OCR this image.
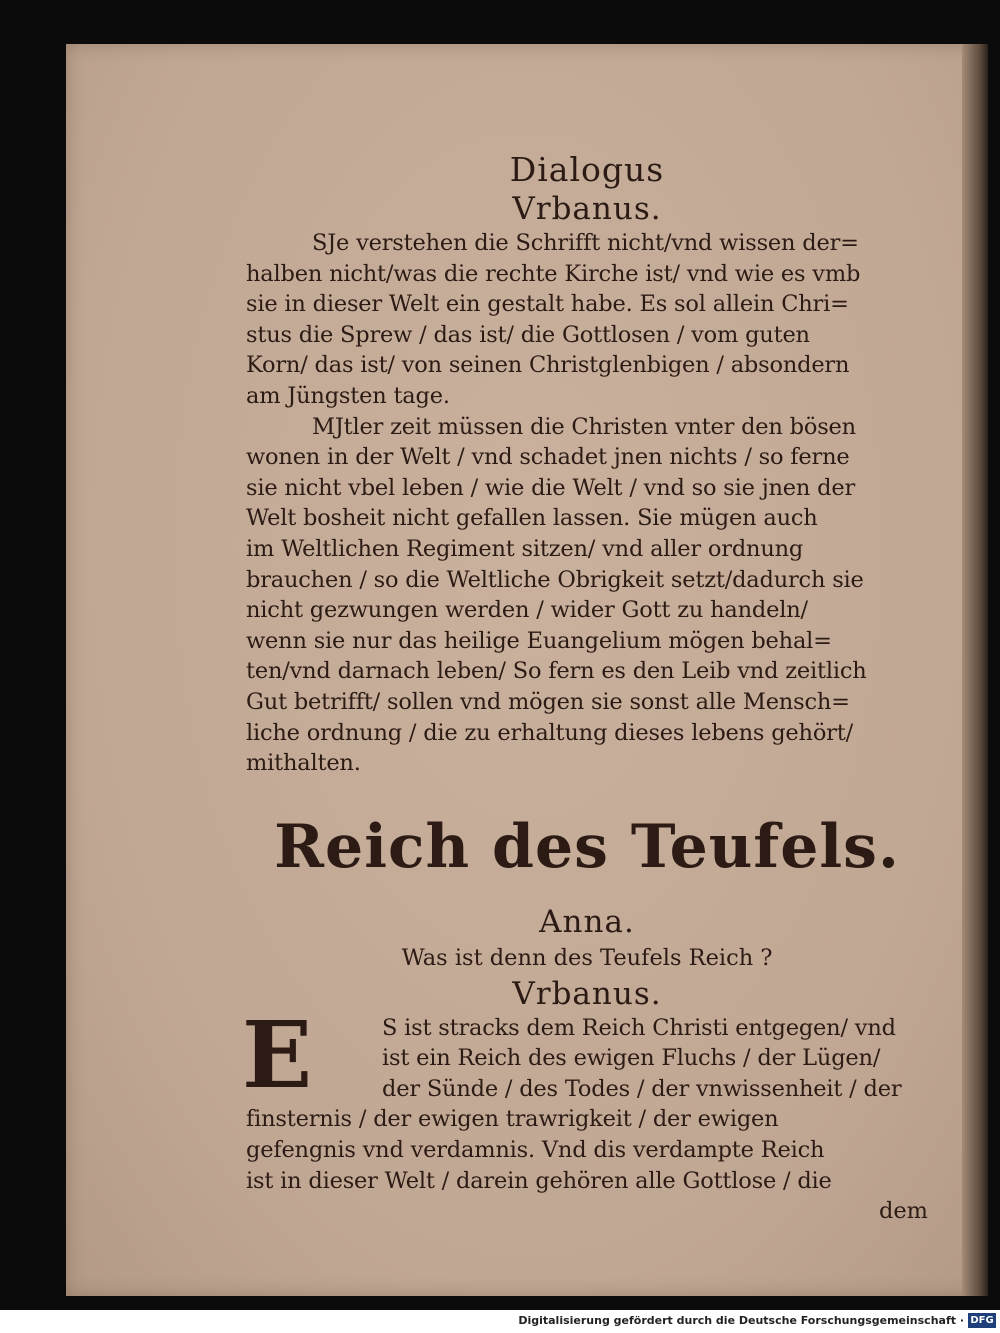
Dialogus

Vrbanus.

SJe verstehen die Schrifft nicht/vnd wissen der=
halben nicht/was die rechte Kirche ist/ vnd wie es vmb
sie in dieser Welt ein gestalt habe. Es sol allein Chri=
stus die Sprew / das ist/ die Gottlosen / vom guten
Korn/ das ist/ von seinen Christglenbigen / absondern
am Jüngsten tage.
MJtler zeit müssen die Christen vnter den bösen
wonen in der Welt / vnd schadet jnen nichts / so ferne
sie nicht vbel leben / wie die Welt / vnd so sie jnen der
Welt bosheit nicht gefallen lassen. Sie mügen auch
im Weltlichen Regiment sitzen/ vnd aller ordnung
brauchen / so die Weltliche Obrigkeit setzt/dadurch sie
nicht gezwungen werden / wider Gott zu handeln/
wenn sie nur das heilige Euangelium mögen behal=
ten/vnd darnach leben/ So fern es den Leib vnd zeitlich
Gut betrifft/ sollen vnd mögen sie sonst alle Mensch=
liche ordnung / die zu erhaltung dieses lebens gehört/
mithalten.

Reich des Teufels.

Anna.

Was ist denn des Teufels Reich ?

Vrbanus.

E	S ist stracks dem Reich Christi entgegen/ vnd
ist ein Reich des ewigen Fluchs / der Lügen/
der Sünde / des Todes / der vnwissenheit / der
finsternis / der ewigen trawrigkeit / der ewigen
gefengnis vnd verdamnis. Vnd dis verdampte Reich
ist in dieser Welt / darein gehören alle Gottlose / die

dem

Digitalisierung gefördert durch die Deutsche Forschungsgemeinschaft · DFG
